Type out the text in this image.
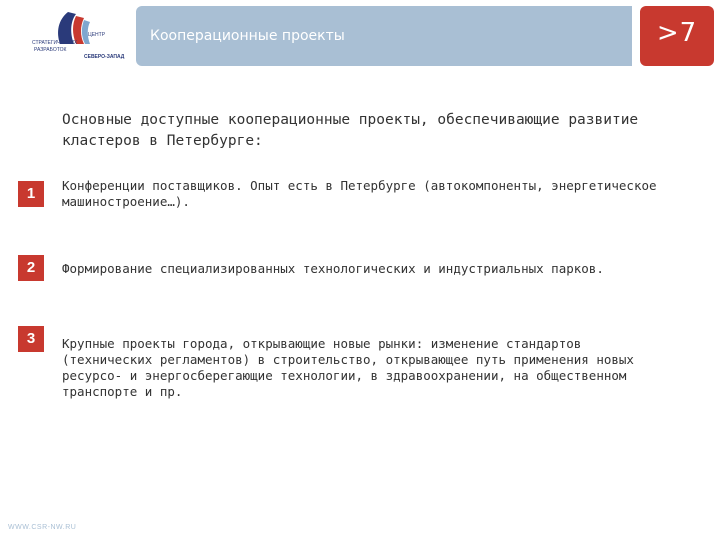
ЦЕНТР
СТРАТЕГИЧЕСКИХ
РАЗРАБОТОК
СЕВЕРО-ЗАПАД
Кооперационные проекты	>7
Основные доступные кооперационные проекты, обеспечивающие развитие кластеров в Петербурге:
1	Конференции поставщиков. Опыт есть в Петербурге (автокомпоненты, энергетическое машиностроение…).
2	Формирование специализированных технологических и индустриальных парков.
3	Крупные проекты города, открывающие новые рынки: изменение стандартов (технических регламентов) в строительство, открывающее путь применения новых ресурсо- и энергосберегающие технологии, в здравоохранении, на общественном транспорте и пр.
WWW.CSR-NW.RU
